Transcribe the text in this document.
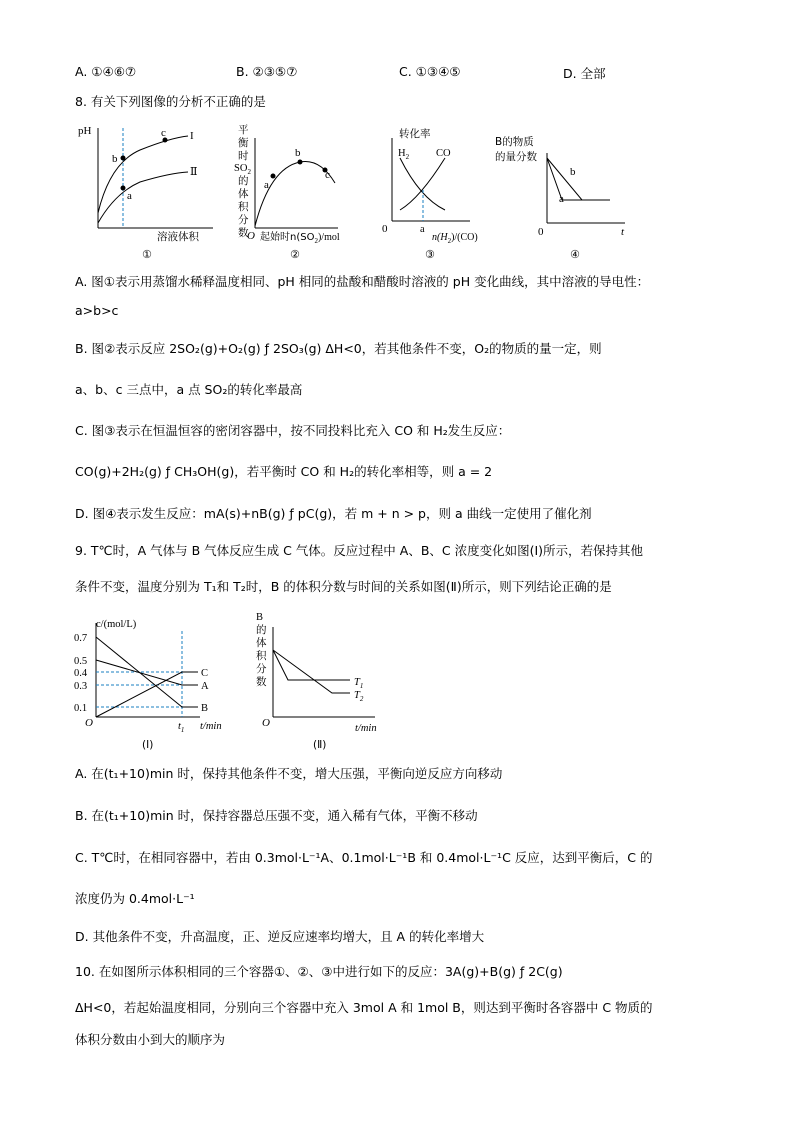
A. ①④⑥⑦	B. ②③⑤⑦	C. ①③④⑤	D. 全部
8. 有关下列图像的分析不正确的是
pH
b
a
c I
Ⅱ
溶液体积
①
平
衡
时
$SO_2$
的
体
积
分
数
a
b
c
O 起始时$n(SO_2)$/mol
②
转化率
$H_2$	CO
0	a
$n(H_2)/(CO)$
③
B的物质
的量分数
a
b
0	t
④
A. 图①表示用蒸馏水稀释温度相同、pH 相同的盐酸和醋酸时溶液的 pH 变化曲线，其中溶液的导电性：
a>b>c
B. 图②表示反应 2SO₂(g)+O₂(g) ƒ 2SO₃(g) ΔH<0，若其他条件不变，O₂的物质的量一定，则
a、b、c 三点中，a 点 SO₂的转化率最高
C. 图③表示在恒温恒容的密闭容器中，按不同投料比充入 CO 和 H₂发生反应：
CO(g)+2H₂(g) ƒ CH₃OH(g)，若平衡时 CO 和 H₂的转化率相等，则 a = 2
D. 图④表示发生反应：mA(s)+nB(g) ƒ pC(g)，若 m + n > p，则 a 曲线一定使用了催化剂
9. T℃时，A 气体与 B 气体反应生成 C 气体。反应过程中 A、B、C 浓度变化如图(Ⅰ)所示，若保持其他
条件不变，温度分别为 T₁和 T₂时，B 的体积分数与时间的关系如图(Ⅱ)所示，则下列结论正确的是
c/(mol/L)
0.7
0.5
0.4
0.3
0.1
C
A
B
O	$t_1$ t/min
(Ⅰ)
B
的
体
积
分
数	$T_1$
$T_2$
O	t/min
(Ⅱ)
A. 在(t₁+10)min 时，保持其他条件不变，增大压强，平衡向逆反应方向移动
B. 在(t₁+10)min 时，保持容器总压强不变，通入稀有气体，平衡不移动
C. T℃时，在相同容器中，若由 0.3mol·L⁻¹A、0.1mol·L⁻¹B 和 0.4mol·L⁻¹C 反应，达到平衡后，C 的
浓度仍为 0.4mol·L⁻¹
D. 其他条件不变，升高温度，正、逆反应速率均增大，且 A 的转化率增大
10. 在如图所示体积相同的三个容器①、②、③中进行如下的反应：3A(g)+B(g) ƒ 2C(g)
ΔH<0，若起始温度相同，分别向三个容器中充入 3mol A 和 1mol B，则达到平衡时各容器中 C 物质的
体积分数由小到大的顺序为
